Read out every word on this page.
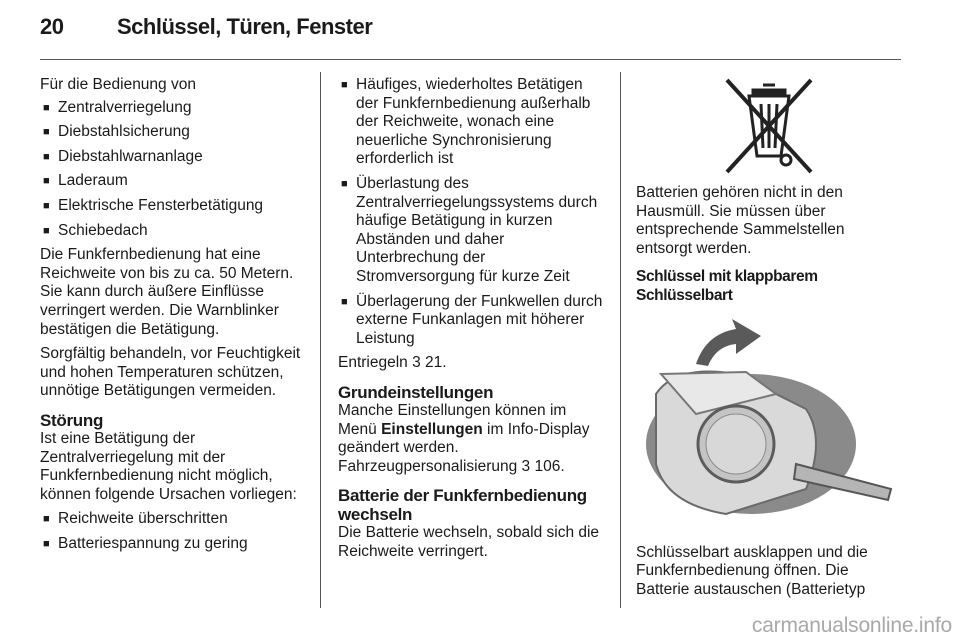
20 Schlüssel, Türen, Fenster

Für die Bedienung von

■ Zentralverriegelung
■ Diebstahlsicherung
■ Diebstahlwarnanlage
■ Laderaum
■ Elektrische Fensterbetätigung
■ Schiebedach

Die Funkfernbedienung hat eine Reichweite von bis zu ca. 50 Metern. Sie kann durch äußere Einflüsse verringert werden. Die Warnblinker bestätigen die Betätigung.

Sorgfältig behandeln, vor Feuchtigkeit und hohen Temperaturen schützen, unnötige Betätigungen vermeiden.

Störung

Ist eine Betätigung der Zentralverriegelung mit der Funkfernbedienung nicht möglich, können folgende Ursachen vorliegen:

■ Reichweite überschritten
■ Batteriespannung zu gering
■ Häufiges, wiederholtes Betätigen der Funkfernbedienung außerhalb der Reichweite, wonach eine neuerliche Synchronisierung erforderlich ist
■ Überlastung des Zentralverriegelungssystems durch häufige Betätigung in kurzen Abständen und daher Unterbrechung der Stromversorgung für kurze Zeit
■ Überlagerung der Funkwellen durch externe Funkanlagen mit höherer Leistung

Entriegeln 3 21.

Grundeinstellungen

Manche Einstellungen können im Menü Einstellungen im Info-Display geändert werden. Fahrzeugpersonalisierung 3 106.

Batterie der Funkfernbedienung wechseln

Die Batterie wechseln, sobald sich die Reichweite verringert.

Batterien gehören nicht in den Hausmüll. Sie müssen über entsprechende Sammelstellen entsorgt werden.

Schlüssel mit klappbarem Schlüsselbart

Schlüsselbart ausklappen und die Funkfernbedienung öffnen. Die Batterie austauschen (Batterietyp

carmanualsonline.info
